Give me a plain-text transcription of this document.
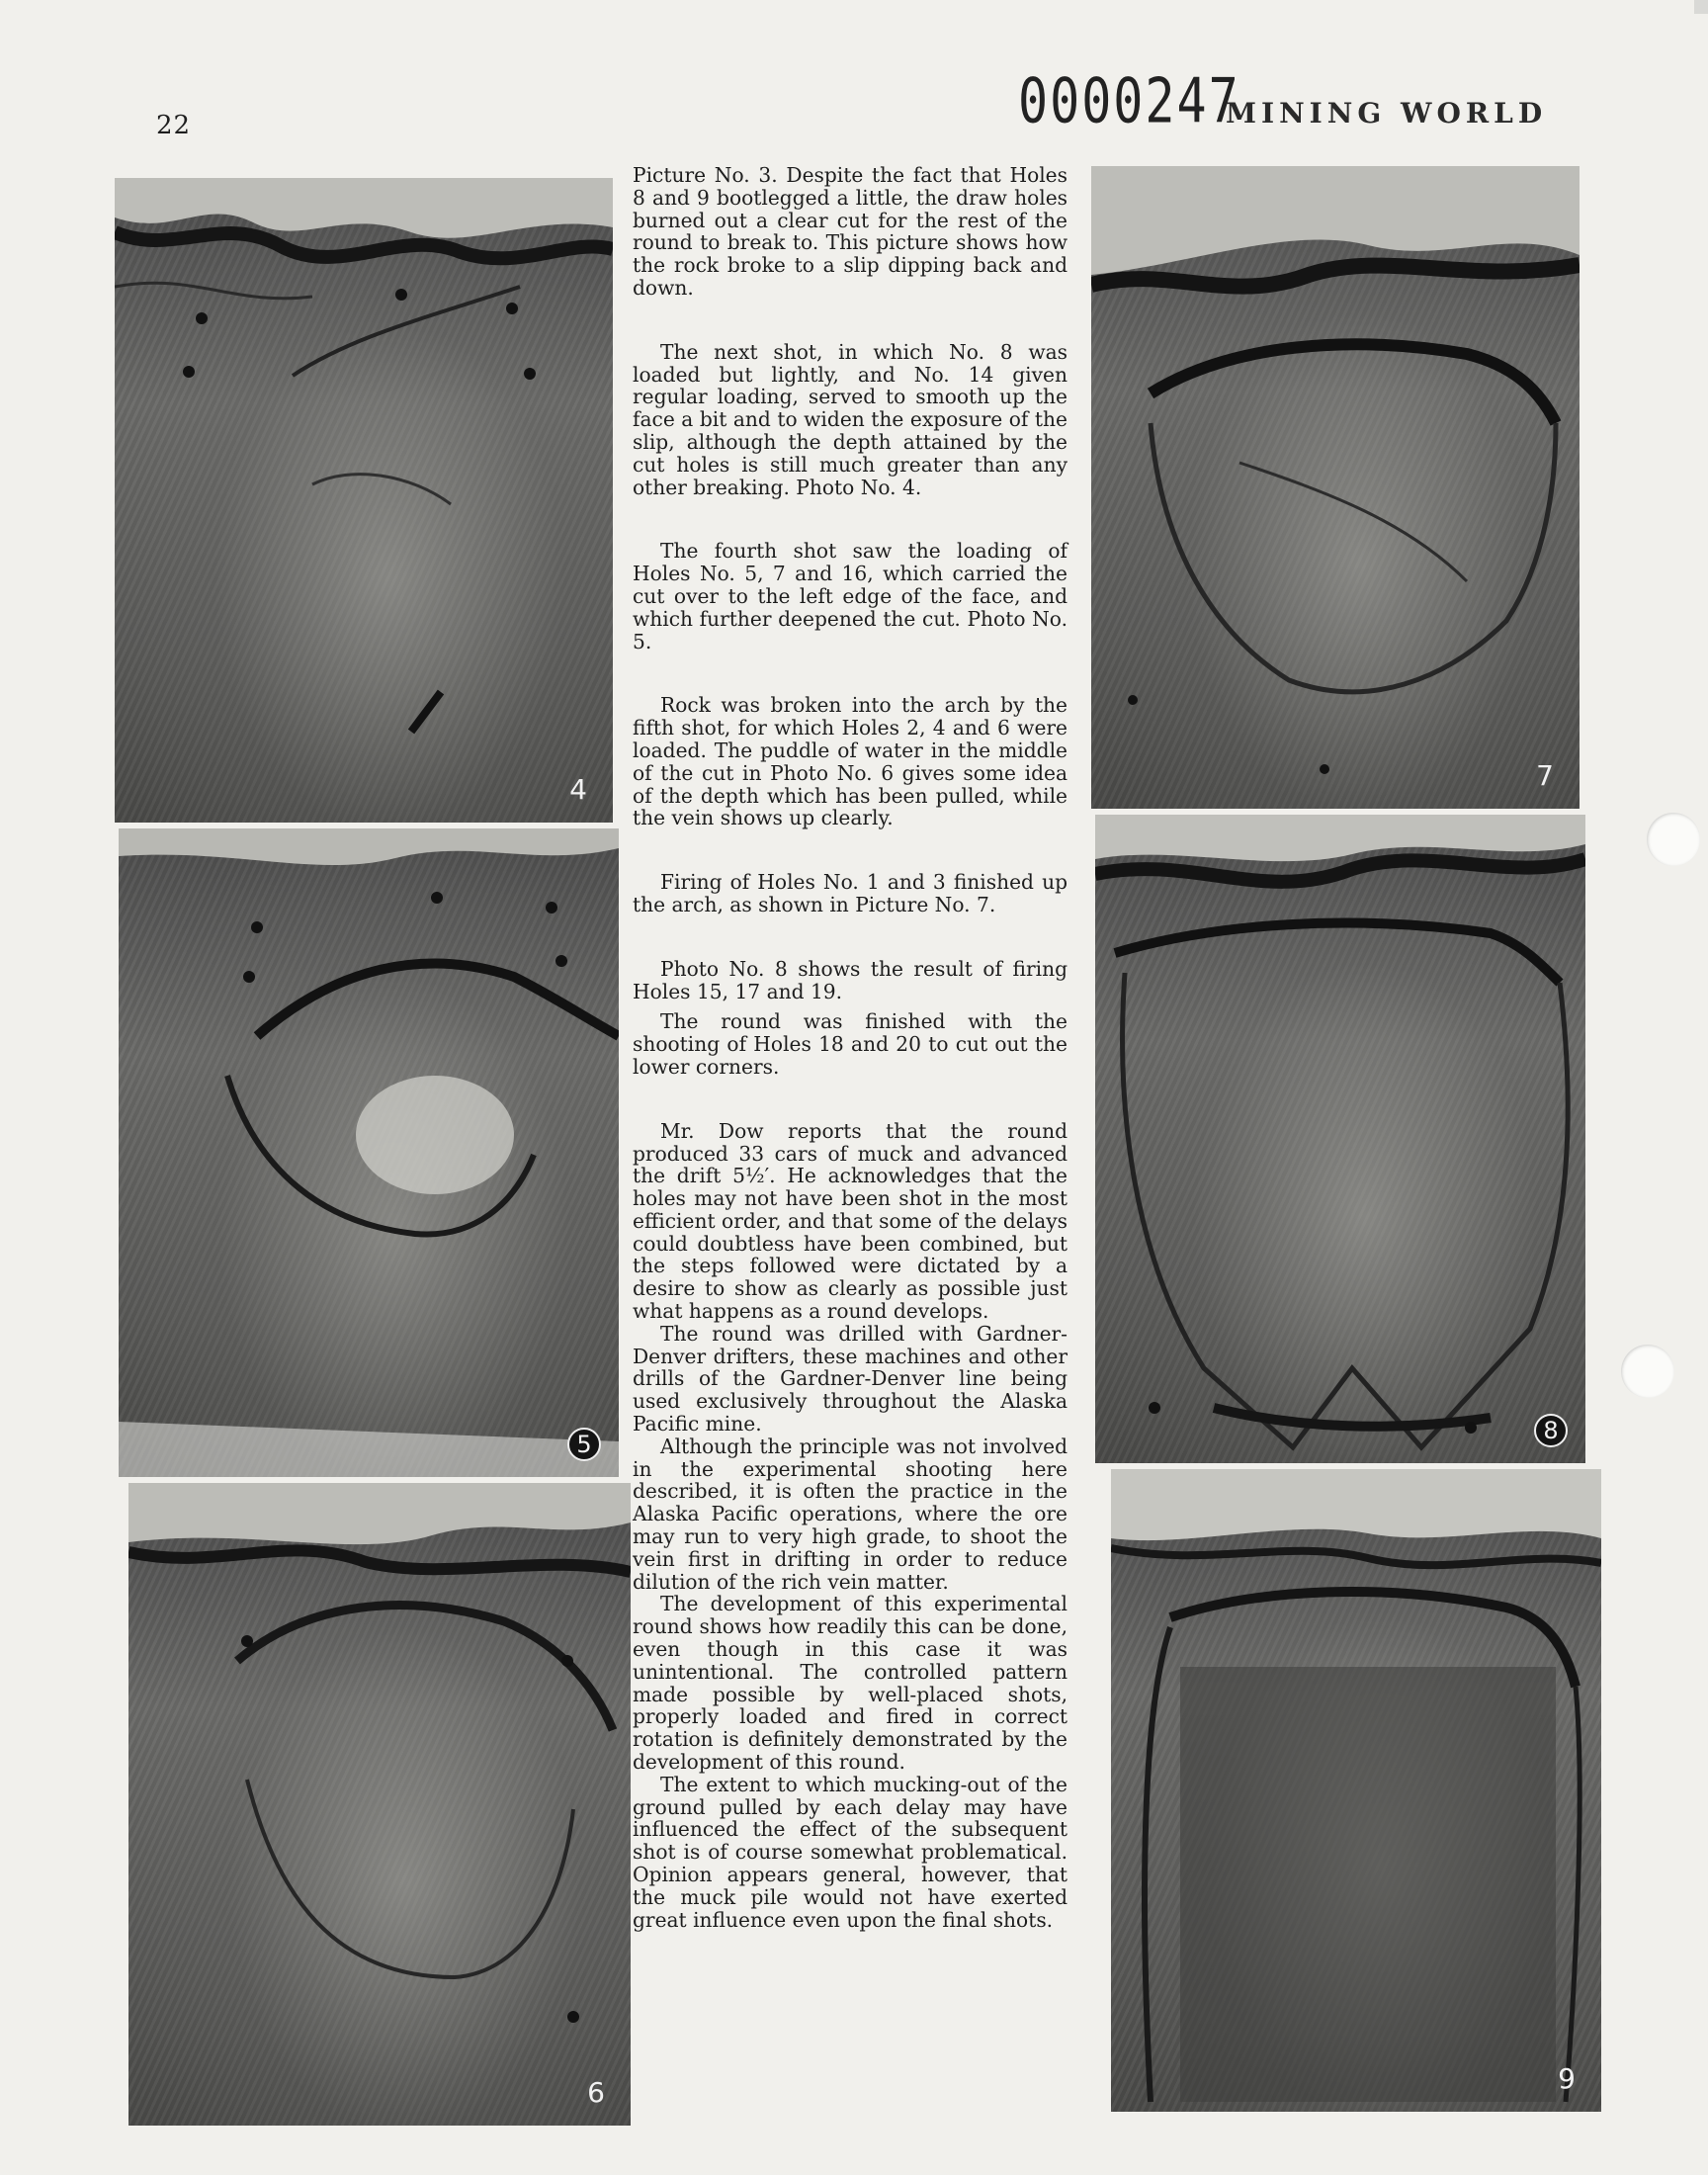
22	0000247
MINING WORLD
4
5
6
7
8
9

Picture No. 3. Despite the fact that Holes 8 and 9 bootlegged a little, the draw holes burned out a clear cut for the rest of the round to break to. This picture shows how the rock broke to a slip dipping back and down.

The next shot, in which No. 8 was loaded but lightly, and No. 14 given regular loading, served to smooth up the face a bit and to widen the exposure of the slip, although the depth attained by the cut holes is still much greater than any other breaking. Photo No. 4.

The fourth shot saw the loading of Holes No. 5, 7 and 16, which carried the cut over to the left edge of the face, and which further deepened the cut. Photo No. 5.

Rock was broken into the arch by the fifth shot, for which Holes 2, 4 and 6 were loaded. The puddle of water in the middle of the cut in Photo No. 6 gives some idea of the depth which has been pulled, while the vein shows up clearly.

Firing of Holes No. 1 and 3 finished up the arch, as shown in Picture No. 7.

Photo No. 8 shows the result of firing Holes 15, 17 and 19.

The round was finished with the shooting of Holes 18 and 20 to cut out the lower corners.

Mr. Dow reports that the round produced 33 cars of muck and advanced the drift 5½′. He acknowledges that the holes may not have been shot in the most efficient order, and that some of the delays could doubtless have been combined, but the steps followed were dictated by a desire to show as clearly as possible just what happens as a round develops.

The round was drilled with Gardner-Denver drifters, these machines and other drills of the Gardner-Denver line being used exclusively throughout the Alaska Pacific mine.

Although the principle was not involved in the experimental shooting here described, it is often the practice in the Alaska Pacific operations, where the ore may run to very high grade, to shoot the vein first in drifting in order to reduce dilution of the rich vein matter.

The development of this experimental round shows how readily this can be done, even though in this case it was unintentional. The controlled pattern made possible by well-placed shots, properly loaded and fired in correct rotation is definitely demonstrated by the development of this round.

The extent to which mucking-out of the ground pulled by each delay may have influenced the effect of the subsequent shot is of course somewhat problematical. Opinion appears general, however, that the muck pile would not have exerted great influence even upon the final shots.
